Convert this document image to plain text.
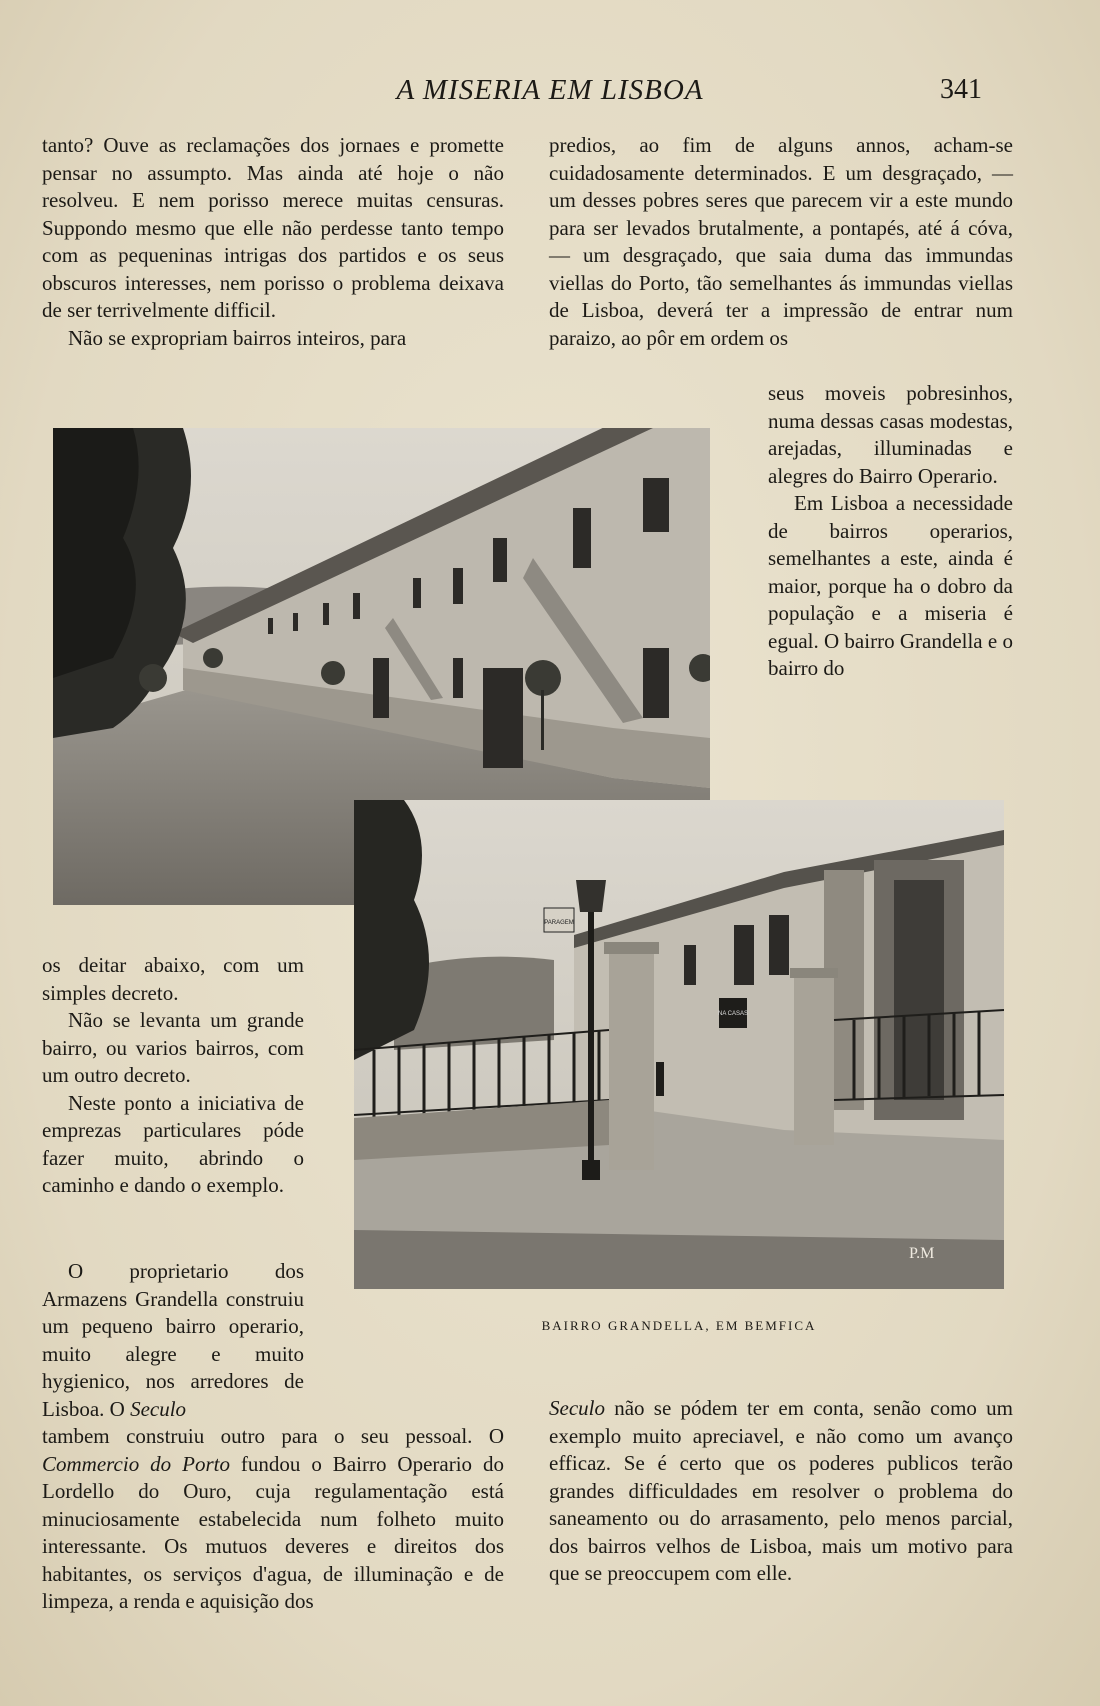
A MISERIA EM LISBOA	341

tanto? Ouve as reclamações dos jornaes e promette pensar no assumpto. Mas ainda até hoje o não resolveu. E nem porisso merece muitas censuras. Suppondo mesmo que elle não perdesse tanto tempo com as pequeninas intrigas dos partidos e os seus obscuros interesses, nem porisso o problema deixava de ser terrivelmente difficil.

Não se expropriam bairros inteiros, para

predios, ao fim de alguns annos, acham-se cuidadosamente determinados. E um desgraçado, — um desses pobres seres que parecem vir a este mundo para ser levados brutalmente, a pontapés, até á cóva, — um desgraçado, que saia duma das immundas viellas do Porto, tão semelhantes ás immundas viellas de Lisboa, deverá ter a impressão de entrar num paraizo, ao pôr em ordem os

seus moveis pobresinhos, numa dessas casas modestas, arejadas, illuminadas e alegres do Bairro Operario.

Em Lisboa a necessidade de bairros operarios, semelhantes a este, ainda é maior, porque ha o dobro da população e a miseria é egual. O bairro Grandella e o bairro do

PARAGEM
NA CASAS
P.M
BAIRRO GRANDELLA, EM BEMFICA

os deitar abaixo, com um simples decreto.

Não se levanta um grande bairro, ou varios bairros, com um outro decreto.

Neste ponto a iniciativa de emprezas particulares póde fazer muito, abrindo o caminho e dando o exemplo.

O proprietario dos Armazens Grandella construiu um pequeno bairro operario, muito alegre e muito hygienico, nos arredores de Lisboa. O Seculo

tambem construiu outro para o seu pessoal. O Commercio do Porto fundou o Bairro Operario do Lordello do Ouro, cuja regulamentação está minuciosamente estabelecida num folheto muito interessante. Os mutuos deveres e direitos dos habitantes, os serviços d'agua, de illuminação e de limpeza, a renda e aquisição dos

Seculo não se pódem ter em conta, senão como um exemplo muito apreciavel, e não como um avanço efficaz. Se é certo que os poderes publicos terão grandes difficuldades em resolver o problema do saneamento ou do arrasamento, pelo menos parcial, dos bairros velhos de Lisboa, mais um motivo para que se preoccupem com elle.
